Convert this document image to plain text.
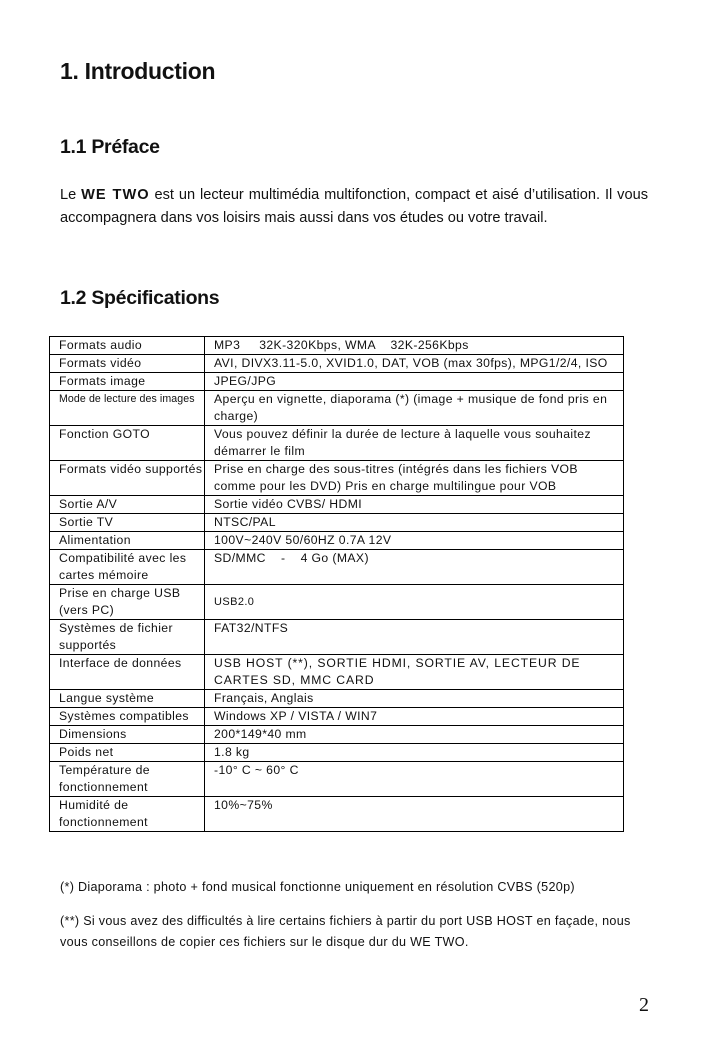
1. Introduction
1.1 Préface

Le WE TWO est un lecteur multimédia multifonction, compact et aisé d’utilisation. Il vous accompagnera dans vos loisirs mais aussi dans vos études ou votre travail.

1.2 Spécifications
Formats audio	MP3     32K-320Kbps, WMA    32K-256Kbps
Formats vidéo	AVI, DIVX3.11-5.0, XVID1.0, DAT, VOB (max 30fps), MPG1/2/4, ISO
Formats image	JPEG/JPG
Mode de lecture des images	Aperçu en vignette, diaporama (*) (image + musique de fond pris en charge)
Fonction GOTO	Vous pouvez définir la durée de lecture à laquelle vous souhaitez démarrer le film
Formats vidéo supportés	Prise en charge des sous-titres (intégrés dans les fichiers VOB comme pour les DVD) Pris en charge multilingue pour VOB
Sortie A/V	Sortie vidéo CVBS/ HDMI
Sortie TV	NTSC/PAL
Alimentation	100V~240V 50/60HZ 0.7A 12V
Compatibilité avec les cartes mémoire	SD/MMC    -    4 Go (MAX)
Prise en charge USB (vers PC)	USB2.0
Systèmes de fichier supportés	FAT32/NTFS
Interface de données	USB HOST (**), SORTIE HDMI, SORTIE AV, LECTEUR DE CARTES SD, MMC CARD
Langue système	Français, Anglais
Systèmes compatibles	Windows XP / VISTA / WIN7
Dimensions	200*149*40 mm
Poids net	1.8 kg
Température de fonctionnement	-10° C ~ 60° C
Humidité de fonctionnement	10%~75%

(*) Diaporama : photo + fond musical fonctionne uniquement en résolution CVBS (520p)

(**) Si vous avez des difficultés à lire certains fichiers à partir du port USB HOST en façade, nous vous conseillons de copier ces fichiers sur le disque dur du WE TWO.

2
